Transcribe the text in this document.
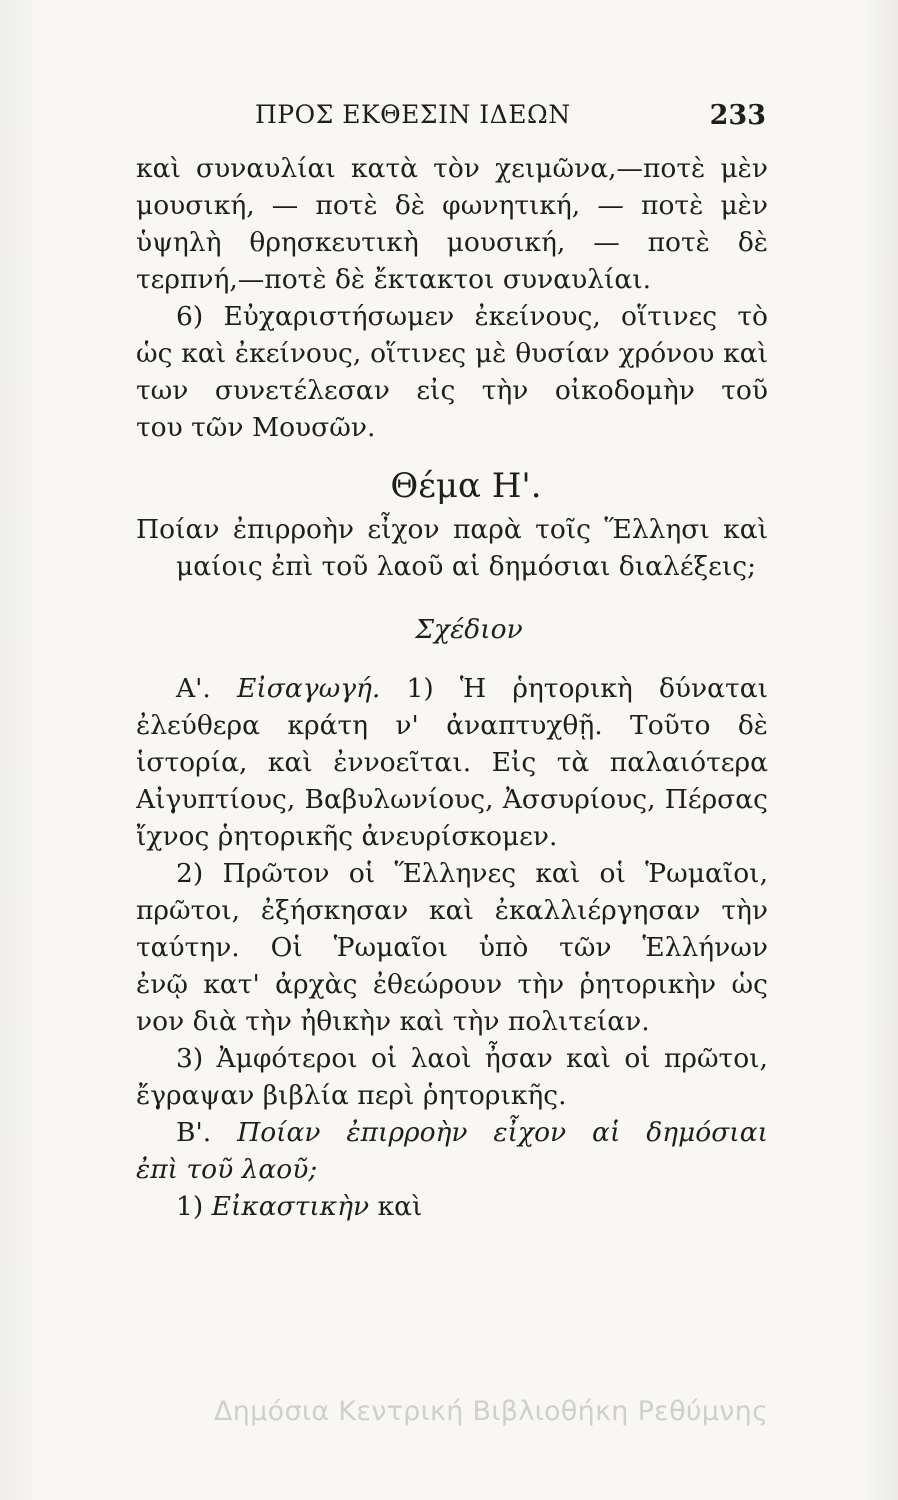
ΠΡΟΣ ΕΚΘΕΣΙΝ ΙΔΕΩΝ	233
καὶ συναυλίαι κατὰ τὸν χειμῶνα,—ποτὲ μὲν
μουσική, — ποτὲ δὲ φωνητική, — ποτὲ μὲν
ὑψηλὴ θρησκευτικὴ μουσική, — ποτὲ δὲ
τερπνή,—ποτὲ δὲ ἔκτακτοι συναυλίαι.
6) Εὐχαριστήσωμεν ἐκείνους, οἵτινες τὸ
ὡς καὶ ἐκείνους, οἵτινες μὲ θυσίαν χρόνου καὶ
των συνετέλεσαν εἰς τὴν οἰκοδομὴν τοῦ
του τῶν Μουσῶν.
Θέμα Η'.
Ποίαν ἐπιρροὴν εἶχον παρὰ τοῖς Ἕλλησι καὶ
μαίοις ἐπὶ τοῦ λαοῦ αἱ δημόσιαι διαλέξεις;
Σχέδιον
Α'. Εἰσαγωγή. 1) Ἡ ῥητορικὴ δύναται
ἐλεύθερα κράτη ν' ἀναπτυχθῇ. Τοῦτο δὲ
ἱστορία, καὶ ἐννοεῖται. Εἰς τὰ παλαιότερα
Αἰγυπτίους, Βαβυλωνίους, Ἀσσυρίους, Πέρσας
ἴχνος ῥητορικῆς ἀνευρίσκομεν.
2) Πρῶτον οἱ Ἕλληνες καὶ οἱ Ῥωμαῖοι,
πρῶτοι, ἐξήσκησαν καὶ ἐκαλλιέργησαν τὴν
ταύτην. Οἱ Ῥωμαῖοι ὑπὸ τῶν Ἑλλήνων
ἐνῷ κατ' ἀρχὰς ἐθεώρουν τὴν ῥητορικὴν ὡς
νον διὰ τὴν ἠθικὴν καὶ τὴν πολιτείαν.
3) Ἀμφότεροι οἱ λαοὶ ἦσαν καὶ οἱ πρῶτοι,
ἔγραψαν βιβλία περὶ ῥητορικῆς.
Β'. Ποίαν ἐπιρροὴν εἶχον αἱ δημόσιαι
ἐπὶ τοῦ λαοῦ;
1) Εἰκαστικὴν καὶ
Δημόσια Κεντρική Βιβλιοθήκη Ρεθύμνης
